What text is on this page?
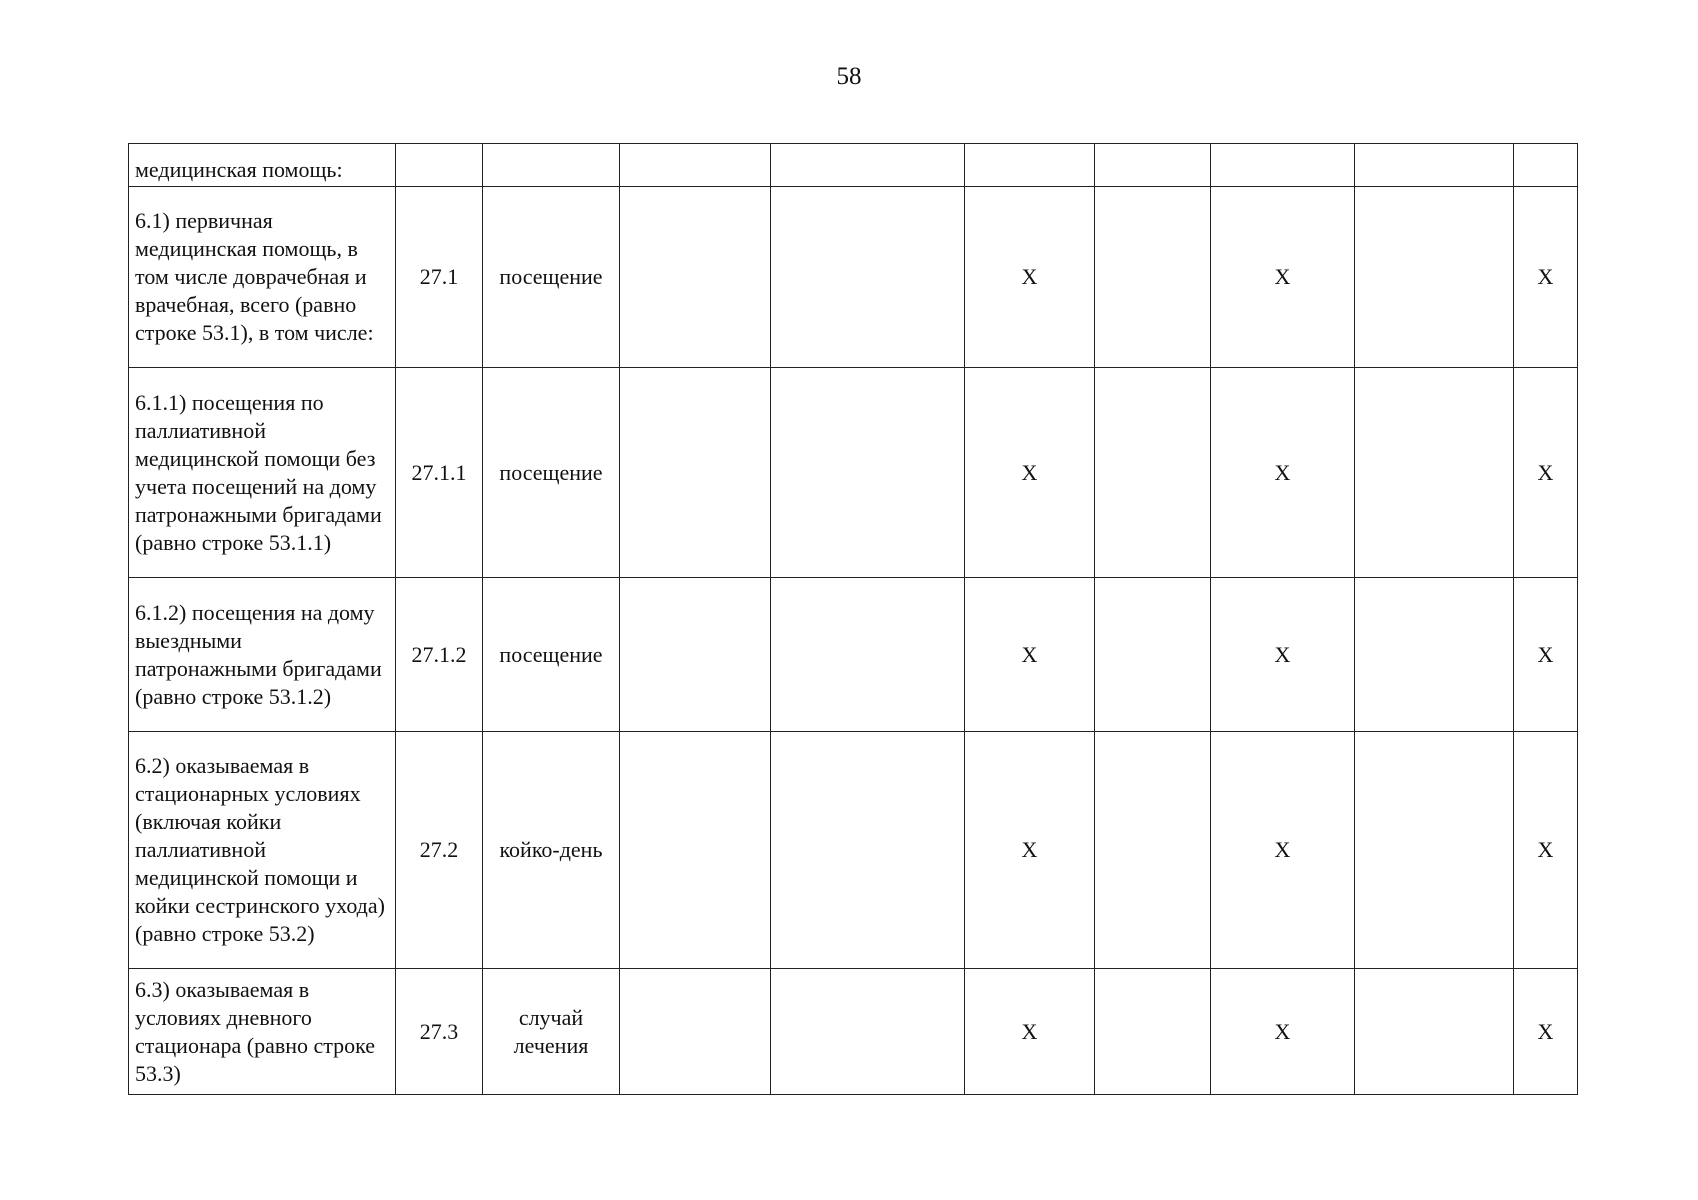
58
медицинская помощь:									
6.1) первичная медицинская помощь, в том числе доврачебная и врачебная, всего (равно строке 53.1), в том числе:	27.1	посещение			X		X		X
6.1.1) посещения по паллиативной медицинской помощи без учета посещений на дому патронажными бригадами (равно строке 53.1.1)	27.1.1	посещение			X		X		X
6.1.2) посещения на дому выездными патронажными бригадами (равно строке 53.1.2)	27.1.2	посещение			X		X		X
6.2) оказываемая в стационарных условиях (включая койки паллиативной медицинской помощи и койки сестринского ухода) (равно строке 53.2)	27.2	койко-день			X		X		X
6.3) оказываемая в условиях дневного стационара (равно строке 53.3)	27.3	случай лечения			X		X		X
